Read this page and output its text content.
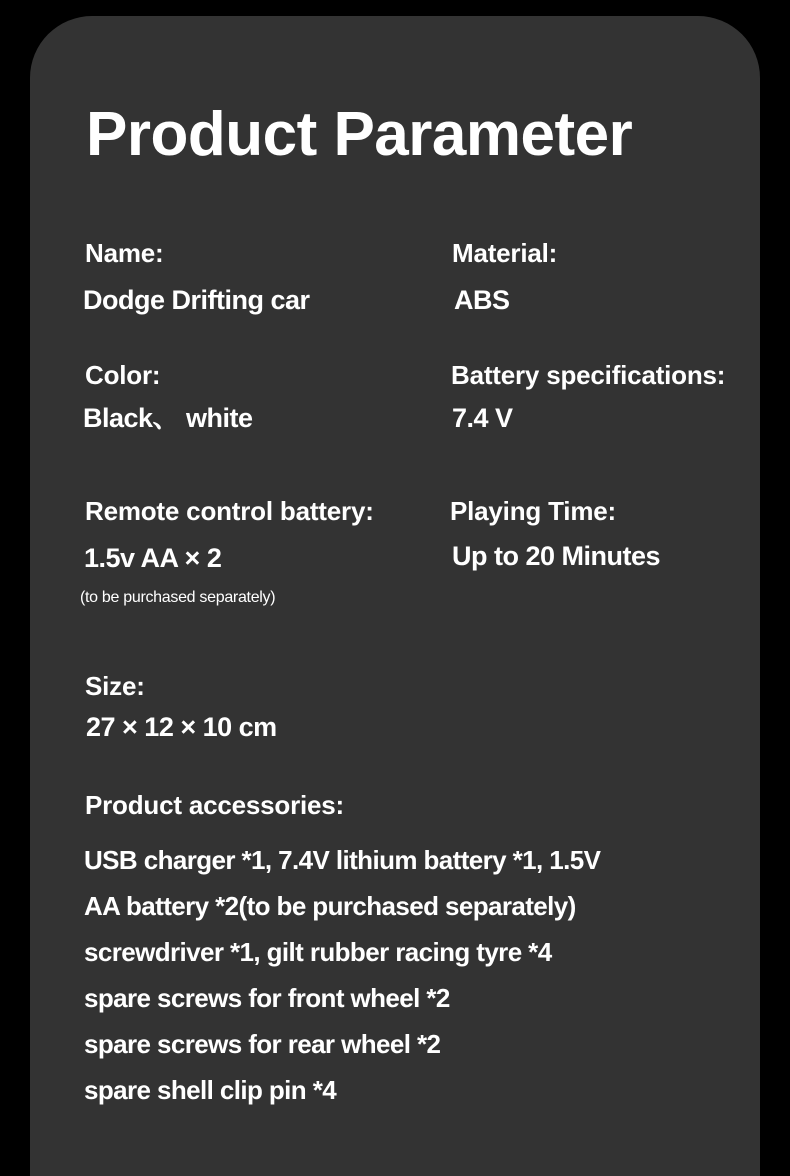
Product Parameter
Name:
Dodge Drifting car
Material:
ABS
Color:
Black、 white
Battery specifications:
7.4 V
Remote control battery:
1.5v AA × 2
(to be purchased separately)
Playing Time:
Up to 20 Minutes
Size:
27 × 12 × 10 cm
Product accessories:
USB charger *1, 7.4V lithium battery *1, 1.5V
AA battery *2(to be purchased separately)
screwdriver *1, gilt rubber racing tyre *4
spare screws for front wheel *2
spare screws for rear wheel *2
spare shell clip pin *4
